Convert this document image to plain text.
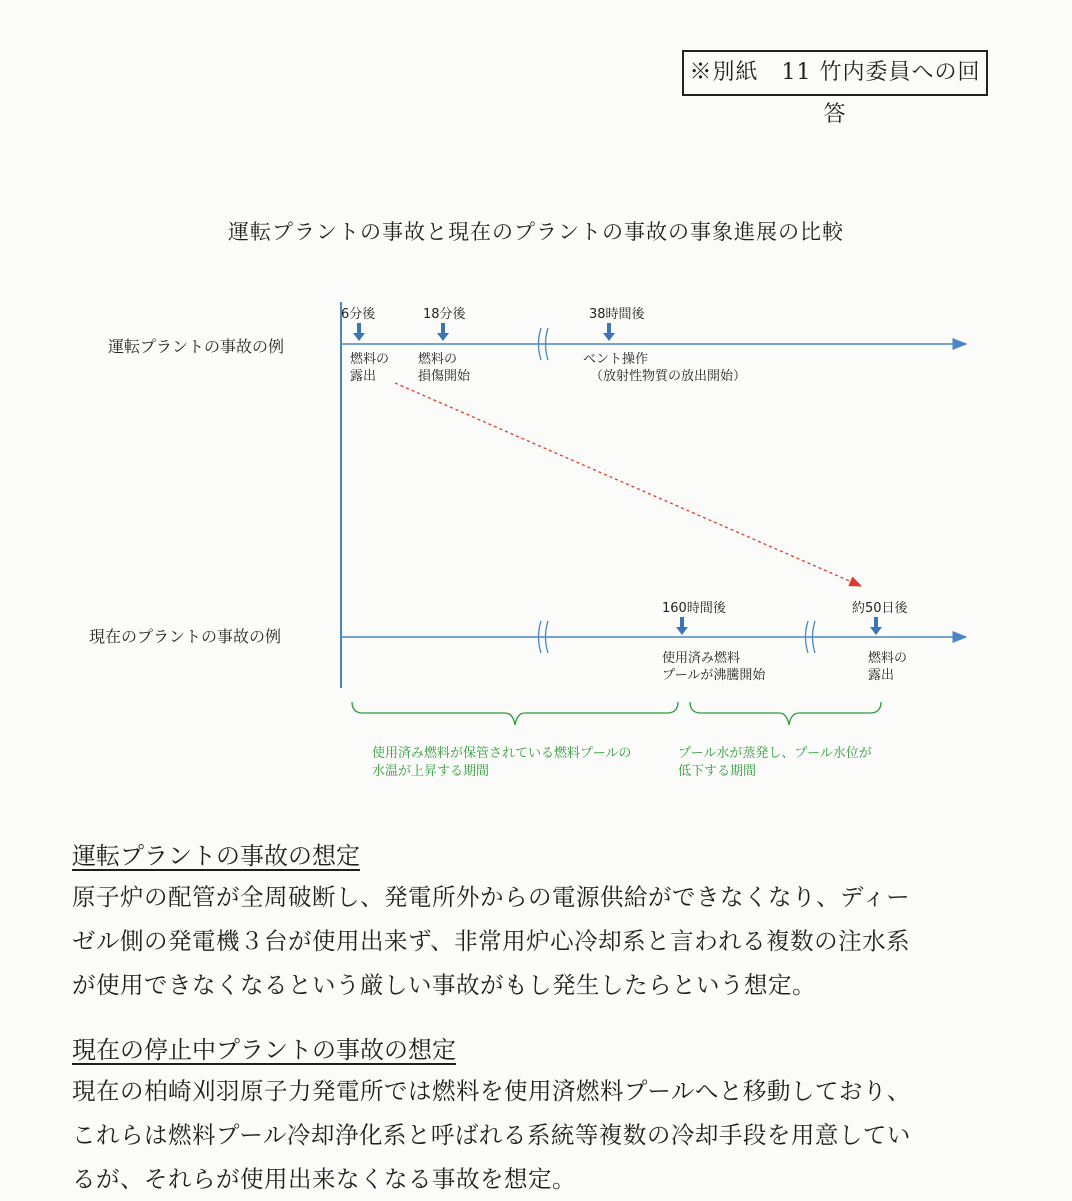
※別紙　11 竹内委員への回答
運転プラントの事故と現在のプラントの事故の事象進展の比較
運転プラントの事故の例
6分後
燃料の
露出
18分後
燃料の
損傷開始
38時間後
ベント操作
（放射性物質の放出開始）
現在のプラントの事故の例
160時間後
使用済み燃料
プールが沸騰開始
約50日後
燃料の
露出
使用済み燃料が保管されている燃料プールの
水温が上昇する期間
プール水が蒸発し、プール水位が
低下する期間
運転プラントの事故の想定
原子炉の配管が全周破断し、発電所外からの電源供給ができなくなり、ディー
ゼル側の発電機３台が使用出来ず、非常用炉心冷却系と言われる複数の注水系
が使用できなくなるという厳しい事故がもし発生したらという想定。
現在の停止中プラントの事故の想定
現在の柏崎刈羽原子力発電所では燃料を使用済燃料プールへと移動しており、
これらは燃料プール冷却浄化系と呼ばれる系統等複数の冷却手段を用意してい
るが、それらが使用出来なくなる事故を想定。
